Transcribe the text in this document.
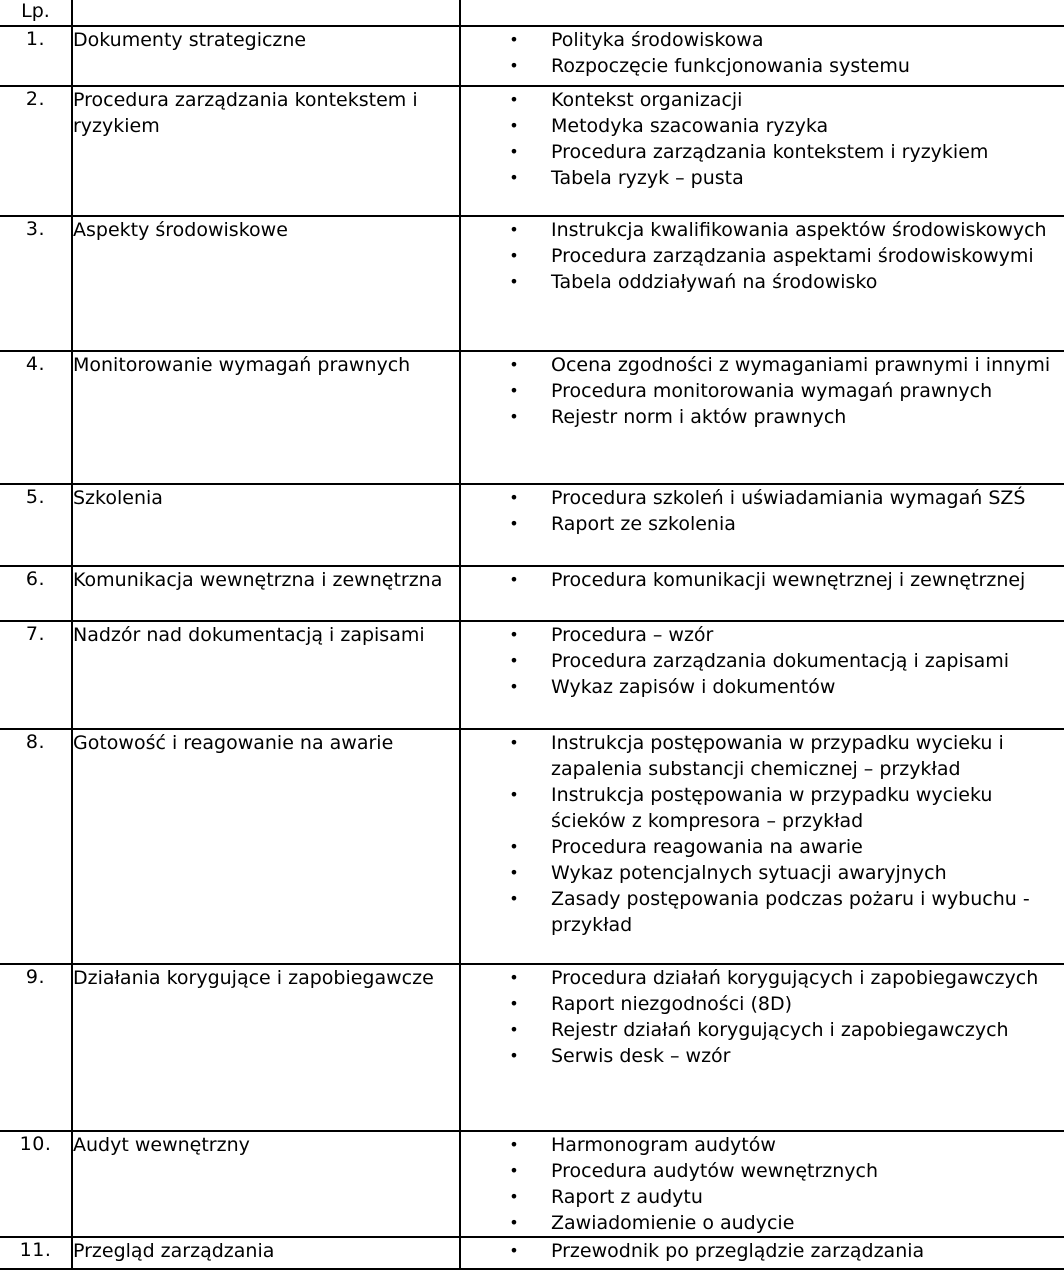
Lp.		
1.	Dokumenty strategiczne	• Polityka środowiskowa
• Rozpoczęcie funkcjonowania systemu

2.	Procedura zarządzania kontekstem i ryzykiem	
• Kontekst organizacji
• Metodyka szacowania ryzyka
• Procedura zarządzania kontekstem i ryzykiem
• Tabela ryzyk – pusta

3.	Aspekty środowiskowe	• Instrukcja kwalifikowania aspektów środowiskowych
• Procedura zarządzania aspektami środowiskowymi
• Tabela oddziaływań na środowisko

4.	Monitorowanie wymagań prawnych	• Ocena zgodności z wymaganiami prawnymi i innymi
• Procedura monitorowania wymagań prawnych
• Rejestr norm i aktów prawnych

5.	Szkolenia	• Procedura szkoleń i uświadamiania wymagań SZŚ
• Raport ze szkolenia

6.	Komunikacja wewnętrzna i zewnętrzna	• Procedura komunikacji wewnętrznej i zewnętrznej

7.	Nadzór nad dokumentacją i zapisami	• Procedura – wzór
• Procedura zarządzania dokumentacją i zapisami
• Wykaz zapisów i dokumentów

8.	Gotowość i reagowanie na awarie	• Instrukcja postępowania w przypadku wycieku i zapalenia substancji chemicznej – przykład
• Instrukcja postępowania w przypadku wycieku ścieków z kompresora – przykład
• Procedura reagowania na awarie
• Wykaz potencjalnych sytuacji awaryjnych
• Zasady postępowania podczas pożaru i wybuchu - przykład

9.	Działania korygujące i zapobiegawcze	• Procedura działań korygujących i zapobiegawczych
• Raport niezgodności (8D)
• Rejestr działań korygujących i zapobiegawczych
• Serwis desk – wzór

10.	Audyt wewnętrzny	• Harmonogram audytów
• Procedura audytów wewnętrznych
• Raport z audytu
• Zawiadomienie o audycie

11.	Przegląd zarządzania	• Przewodnik po przeglądzie zarządzania
